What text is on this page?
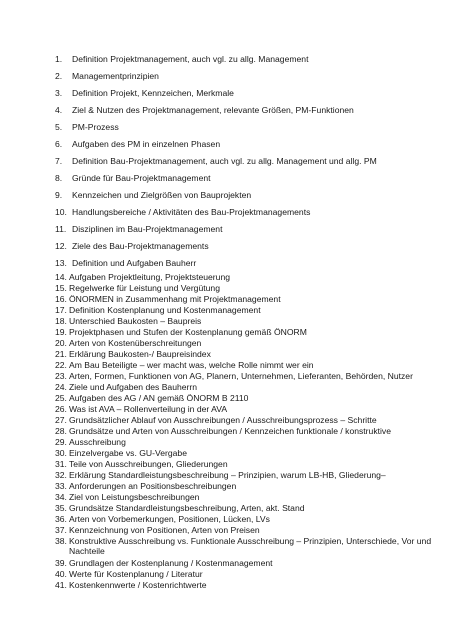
1.	Definition Projektmanagement, auch vgl. zu allg. Management
2.	Managementprinzipien
3.	Definition Projekt, Kennzeichen, Merkmale
4.	Ziel & Nutzen des Projektmanagement, relevante Größen, PM-Funktionen
5.	PM-Prozess
6.	Aufgaben des PM in einzelnen Phasen
7.	Definition Bau-Projektmanagement, auch vgl. zu allg. Management und allg. PM
8.	Gründe für Bau-Projektmanagement
9.	Kennzeichen und Zielgrößen von Bauprojekten
10. Handlungsbereiche / Aktivitäten des Bau-Projektmanagements
11. Disziplinen im Bau-Projektmanagement
12. Ziele des Bau-Projektmanagements
13. Definition und Aufgaben Bauherr
14. Aufgaben Projektleitung, Projektsteuerung
15. Regelwerke für Leistung und Vergütung
16. ÖNORMEN in Zusammenhang mit Projektmanagement
17. Definition Kostenplanung und Kostenmanagement
18. Unterschied Baukosten – Baupreis
19. Projektphasen und Stufen der Kostenplanung gemäß ÖNORM
20. Arten von Kostenüberschreitungen
21. Erklärung Baukosten-/ Baupreisindex
22. Am Bau Beteiligte – wer macht was, welche Rolle nimmt wer ein
23. Arten, Formen, Funktionen von AG, Planern, Unternehmen, Lieferanten, Behörden, Nutzer
24. Ziele und Aufgaben des Bauherrn
25. Aufgaben des AG / AN gemäß ÖNORM B 2110
26. Was ist AVA – Rollenverteilung in der AVA
27. Grundsätzlicher Ablauf von Ausschreibungen / Ausschreibungsprozess – Schritte
28. Grundsätze und Arten von Ausschreibungen / Kennzeichen funktionale / konstruktive
29. Ausschreibung
30. Einzelvergabe vs. GU-Vergabe
31. Teile von Ausschreibungen, Gliederungen
32. Erklärung Standardleistungsbeschreibung – Prinzipien, warum LB-HB, Gliederung–
33. Anforderungen an Positionsbeschreibungen
34. Ziel von Leistungsbeschreibungen
35. Grundsätze Standardleistungsbeschreibung, Arten, akt. Stand
36. Arten von Vorbemerkungen, Positionen, Lücken, LVs
37. Kennzeichnung von Positionen, Arten von Preisen
38. Konstruktive Ausschreibung vs. Funktionale Ausschreibung – Prinzipien, Unterschiede, Vor und
Nachteile
39. Grundlagen der Kostenplanung / Kostenmanagement
40. Werte für Kostenplanung / Literatur
41. Kostenkennwerte / Kostenrichtwerte
